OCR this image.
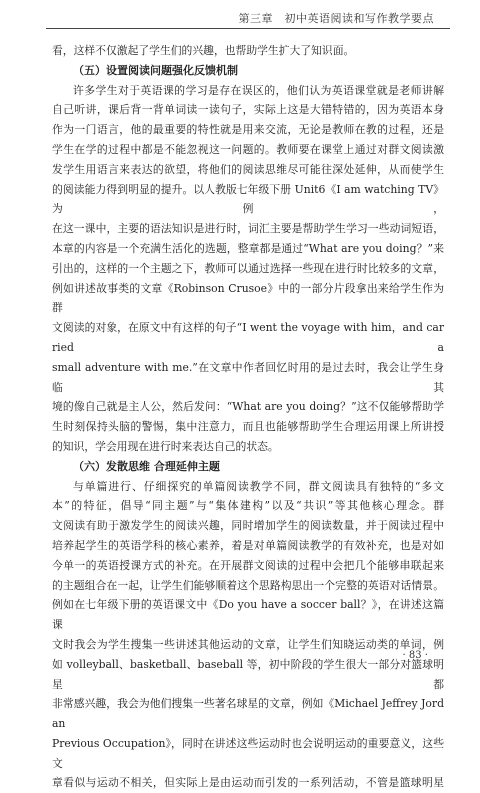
第三章　初中英语阅读和写作教学要点
看，这样不仅激起了学生们的兴趣，也帮助学生扩大了知识面。
（五）设置阅读问题强化反馈机制
许多学生对于英语课的学习是存在误区的，他们认为英语课堂就是老师讲解
自己听讲，课后背一背单词读一读句子，实际上这是大错特错的，因为英语本身
作为一门语言，他的最重要的特性就是用来交流，无论是教师在教的过程，还是
学生在学的过程中都是不能忽视这一问题的。教师要在课堂上通过对群文阅读激
发学生用语言来表达的欲望，将他们的阅读思维尽可能往深处延伸，从而使学生
的阅读能力得到明显的提升。以人教版七年级下册 Unit6《I am watching TV》为例，
在这一课中，主要的语法知识是进行时，词汇主要是帮助学生学习一些动词短语，
本章的内容是一个充满生活化的选题，整章都是通过“What are you doing？”来
引出的，这样的一个主题之下，教师可以通过选择一些现在进行时比较多的文章，
例如讲述故事类的文章《Robinson Crusoe》中的一部分片段拿出来给学生作为群
文阅读的对象，在原文中有这样的句子“I went the voyage with him，and carried a
small adventure with me.”在文章中作者回忆时用的是过去时，我会让学生身临其
境的像自己就是主人公，然后发问：“What are you doing？”这不仅能够帮助学
生时刻保持头脑的警惕，集中注意力，而且也能够帮助学生合理运用课上所讲授
的知识，学会用现在进行时来表达自己的状态。
（六）发散思维 合理延伸主题
与单篇进行、仔细探究的单篇阅读教学不同，群文阅读具有独特的“多文
本”的特征，倡导“同主题”与“集体建构”以及“共识”等其他核心理念。群
文阅读有助于激发学生的阅读兴趣，同时增加学生的阅读数量，并于阅读过程中
培养起学生的英语学科的核心素养，着是对单篇阅读教学的有效补充，也是对如
今单一的英语授课方式的补充。在开展群文阅读的过程中会把几个能够串联起来
的主题组合在一起，让学生们能够顺着这个思路构思出一个完整的英语对话情景。
例如在七年级下册的英语课文中《Do you have a soccer ball？》，在讲述这篇课
文时我会为学生搜集一些讲述其他运动的文章，让学生们知晓运动类的单词，例
如 volleyball、basketball、baseball 等，初中阶段的学生很大一部分对篮球明星都
非常感兴趣，我会为他们搜集一些著名球星的文章，例如《Michael Jeffrey Jordan
Previous Occupation》，同时在讲述这些运动时也会说明运动的重要意义，这些文
章看似与运动不相关，但实际上是由运动而引发的一系列活动，不管是篮球明星
· 83 ·
